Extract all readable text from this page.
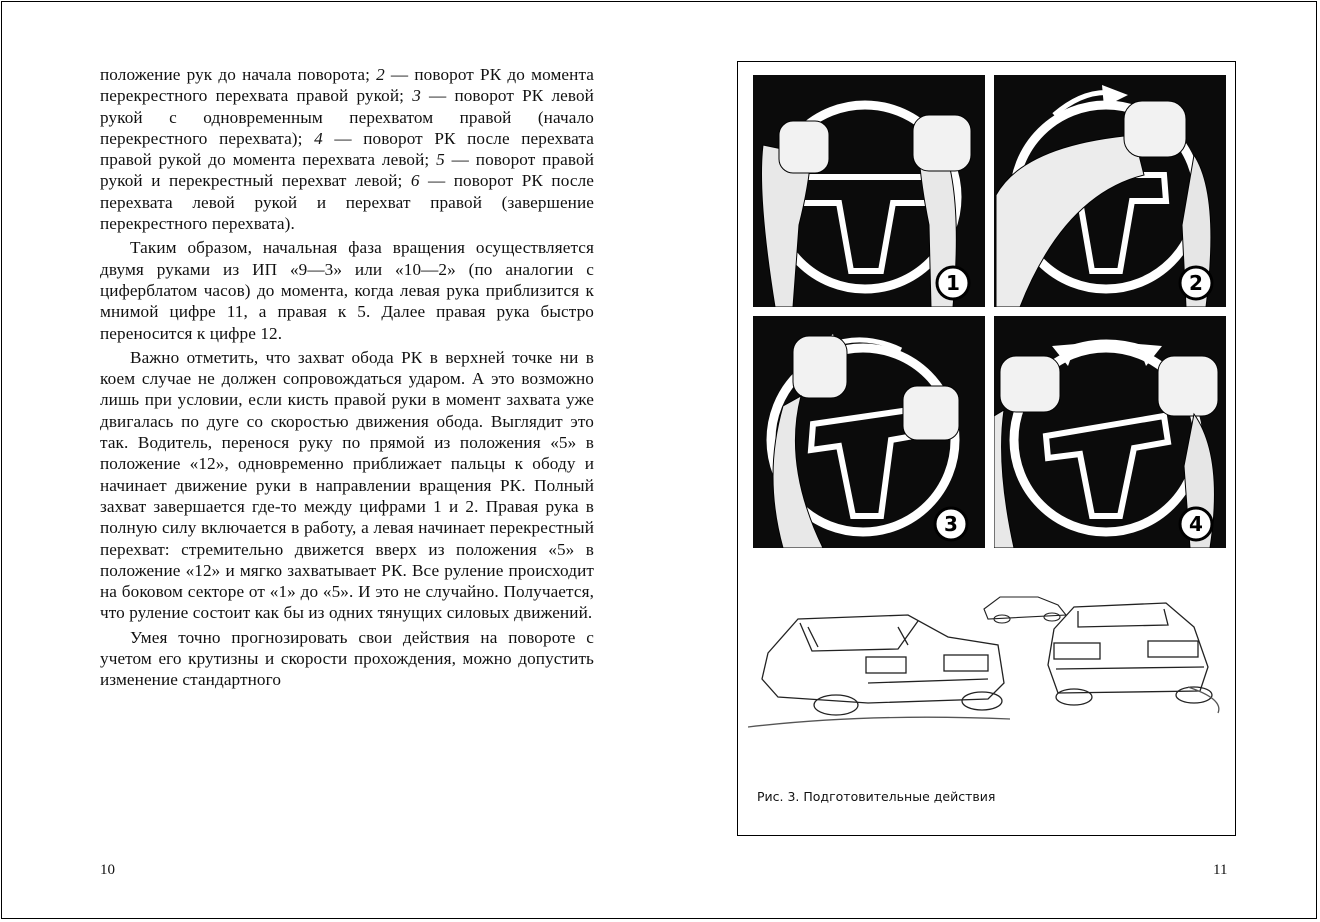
положение рук до начала поворота; 2 — поворот РК до момента перекрестного перехвата правой рукой; 3 — поворот РК левой рукой с одновременным перехватом правой (начало перекрестного перехвата); 4 — поворот РК после перехвата правой рукой до момента перехвата левой; 5 — поворот правой рукой и перекрестный перехват левой; 6 — поворот РК после перехвата левой рукой и перехват правой (завершение перекрестного перехвата).

Таким образом, начальная фаза вращения осуществляется двумя руками из ИП «9—3» или «10—2» (по аналогии с циферблатом часов) до момента, когда левая рука приблизится к мнимой цифре 11, а правая к 5. Далее правая рука быстро переносится к цифре 12.

Важно отметить, что захват обода РК в верхней точке ни в коем случае не должен сопровождаться ударом. А это возможно лишь при условии, если кисть правой руки в момент захвата уже двигалась по дуге со скоростью движения обода. Выглядит это так. Водитель, перенося руку по прямой из положения «5» в положение «12», одновременно приближает пальцы к ободу и начинает движение руки в направлении вращения РК. Полный захват завершается где-то между цифрами 1 и 2. Правая рука в полную силу включается в работу, а левая начинает перекрестный перехват: стремительно движется вверх из положения «5» в положение «12» и мягко захватывает РК. Все руление происходит на боковом секторе от «1» до «5». И это не случайно. Получается, что руление состоит как бы из одних тянущих силовых движений.

Умея точно прогнозировать свои действия на повороте с учетом его крутизны и скорости прохождения, можно допустить изменение стандартного

10
1	2
3	4
Рис. 3. Подготовительные действия
11
